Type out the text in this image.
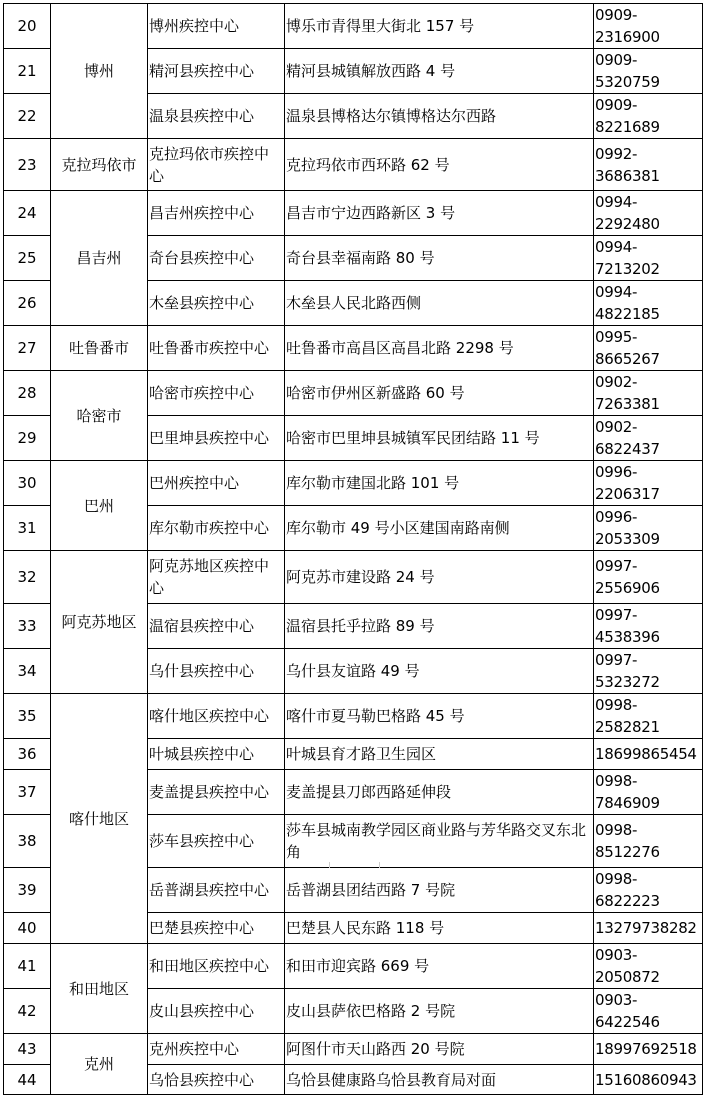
20	博州	博州疾控中心	博乐市青得里大街北 157 号	0909-2316900
21		精河县疾控中心	精河县城镇解放西路 4 号	0909-5320759
22		温泉县疾控中心	温泉县博格达尔镇博格达尔西路	0909-8221689
23	克拉玛依市	克拉玛依市疾控中心	克拉玛依市西环路 62 号	0992-3686381
24	昌吉州	昌吉州疾控中心	昌吉市宁边西路新区 3 号	0994-2292480
25		奇台县疾控中心	奇台县幸福南路 80 号	0994-7213202
26		木垒县疾控中心	木垒县人民北路西侧	0994-4822185
27	吐鲁番市	吐鲁番市疾控中心	吐鲁番市高昌区高昌北路 2298 号	0995-8665267
28	哈密市	哈密市疾控中心	哈密市伊州区新盛路 60 号	0902-7263381
29		巴里坤县疾控中心	哈密市巴里坤县城镇军民团结路 11 号	0902-6822437
30	巴州	巴州疾控中心	库尔勒市建国北路 101 号	0996-2206317
31		库尔勒市疾控中心	库尔勒市 49 号小区建国南路南侧	0996-2053309
32	阿克苏地区	阿克苏地区疾控中心	阿克苏市建设路 24 号	0997-2556906
33		温宿县疾控中心	温宿县托乎拉路 89 号	0997-4538396
34		乌什县疾控中心	乌什县友谊路 49 号	0997-5323272
35	喀什地区	喀什地区疾控中心	喀什市夏马勒巴格路 45 号	0998-2582821
36		叶城县疾控中心	叶城县育才路卫生园区	18699865454
37		麦盖提县疾控中心	麦盖提县刀郎西路延伸段	0998-7846909
38		莎车县疾控中心	莎车县城南教学园区商业路与芳华路交叉东北角	0998-8512276
39		岳普湖县疾控中心	岳普湖县团结西路 7 号院	0998-6822223
40		巴楚县疾控中心	巴楚县人民东路 118 号	13279738282
41	和田地区	和田地区疾控中心	和田市迎宾路 669 号	0903-2050872
42		皮山县疾控中心	皮山县萨依巴格路 2 号院	0903-6422546
43	克州	克州疾控中心	阿图什市天山路西 20 号院	18997692518
44		乌恰县疾控中心	乌恰县健康路乌恰县教育局对面	15160860943
